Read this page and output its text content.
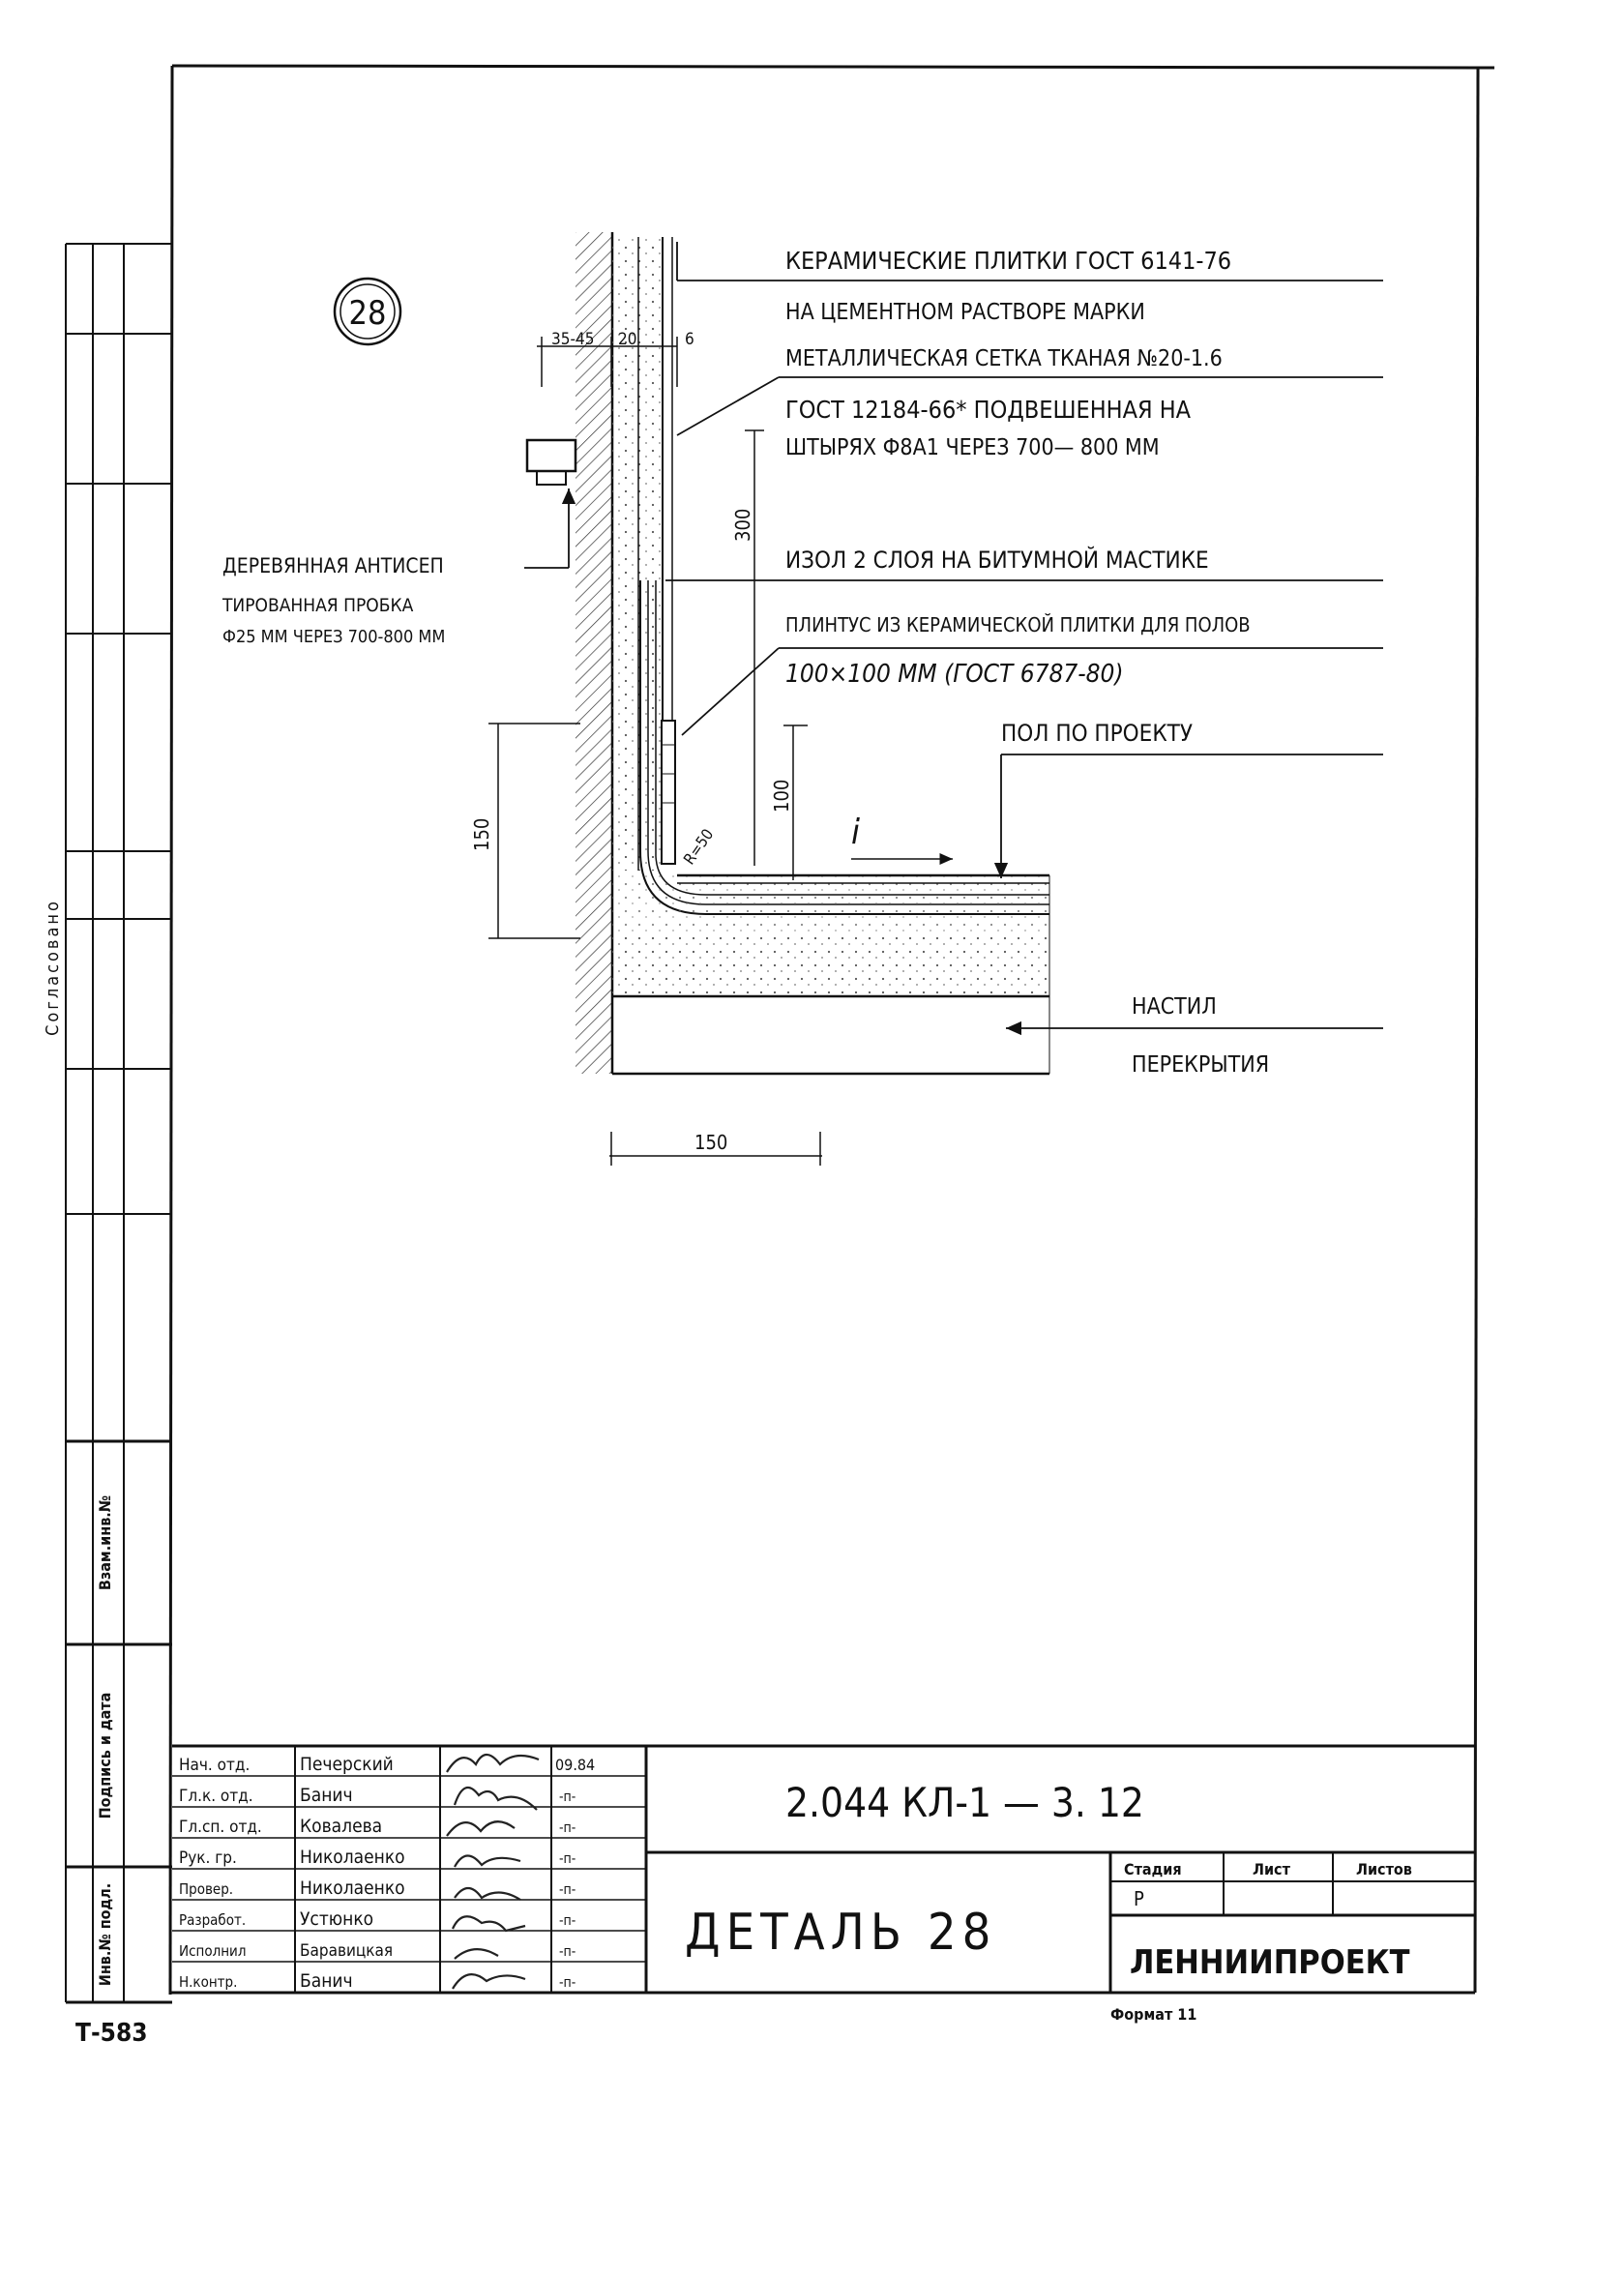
Согласовано
Взам.инв.№
Подпись и дата
Инв.№ подл.
28
35-45 20	6
300
150
100
R=50	i
150
КЕРАМИЧЕСКИЕ ПЛИТКИ ГОСТ 6141-76
НА ЦЕМЕНТНОМ РАСТВОРЕ МАРКИ
МЕТАЛЛИЧЕСКАЯ СЕТКА ТКАНАЯ №20-1.6
ГОСТ 12184-66* ПОДВЕШЕННАЯ НА
ШТЫРЯХ Ф8А1 ЧЕРЕЗ 700— 800 ММ
ИЗОЛ 2 СЛОЯ НА БИТУМНОЙ МАСТИКЕ
ПЛИНТУС ИЗ КЕРАМИЧЕСКОЙ ПЛИТКИ ДЛЯ ПОЛОВ
100×100 ММ (ГОСТ 6787-80)
ПОЛ ПО ПРОЕКТУ
НАСТИЛ
ПЕРЕКРЫТИЯ
ДЕРЕВЯННАЯ АНТИСЕП
ТИРОВАННАЯ ПРОБКА
Ф25 ММ ЧЕРЕЗ 700-800 ММ
Нач. отд.	Печерский	09.84
Гл.к. отд.	Банич	-п-
Гл.сп. отд. Ковалева	-п-
Рук. гр.	Николаенко	-п-
Провер.	Николаенко	-п-
Разработ.	Устюнко	-п-
Исполнил	Баравицкая	-п-
Н.контр.	Банич	-п-
2.044 КЛ-1 — 3. 12
ДЕТАЛЬ 28
Стадия	Лист	Листов
Р
ЛЕННИИПРОЕКТ
Формат 11
Т-583
